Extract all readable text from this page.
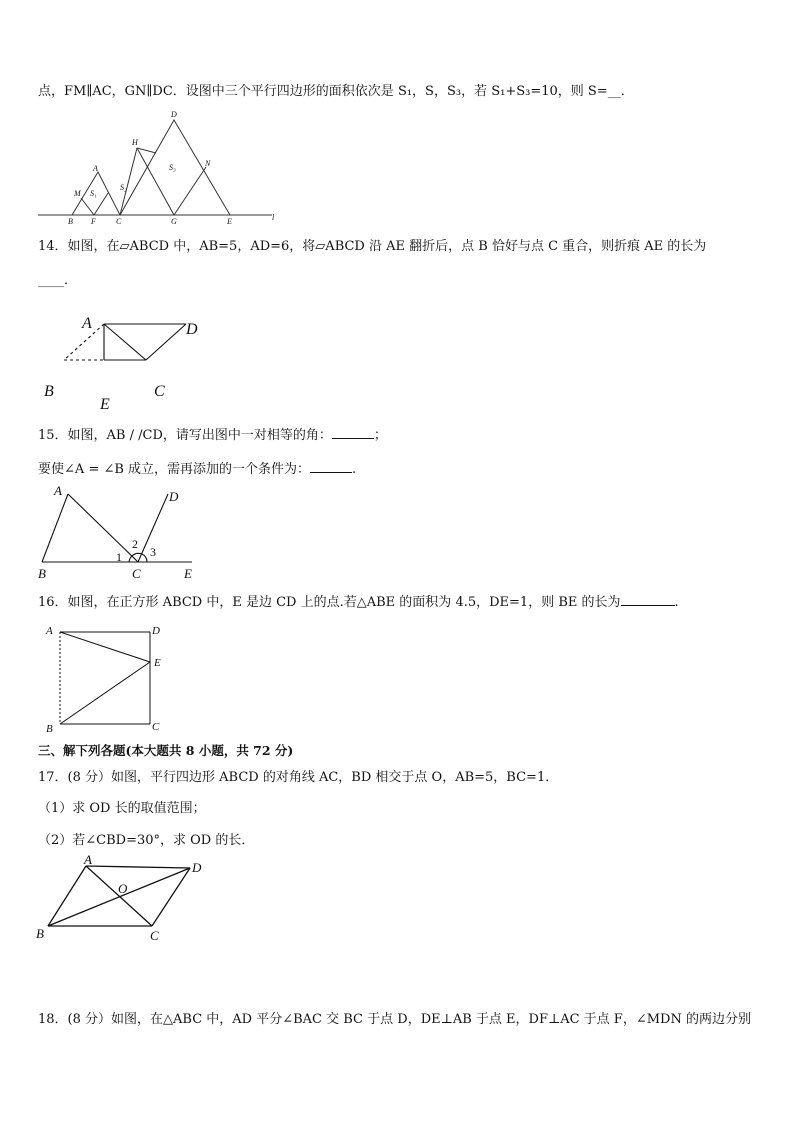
点，FM∥AC，GN∥DC．设图中三个平行四边形的面积依次是 S₁，S，S₃，若 S₁+S₃=10，则 S=__．
D
H
N
A
M
B F	C	G	E	l
S₁
S₂
S₃
14．如图，在▱ABCD 中，AB=5，AD=6，将▱ABCD 沿 AE 翻折后，点 B 恰好与点 C 重合，则折痕 AE 的长为
____．
A	D
B	C
E
15．如图，AB / /CD，请写出图中一对相等的角：	；
要使∠A = ∠B 成立，需再添加的一个条件为：	.
A	D
B	C	E
1
2
3
16．如图，在正方形 ABCD 中，E 是边 CD 上的点.若△ABE 的面积为 4.5，DE=1，则 BE 的长为	.
A	D
E
B	C
三、解下列各题(本大题共 8 小题，共 72 分)
17．(8 分）如图，平行四边形 ABCD 的对角线 AC，BD 相交于点 O，AB=5，BC=1．
（1）求 OD 长的取值范围；
（2）若∠CBD=30°，求 OD 的长．
A
D
O
B	C
18．(8 分）如图，在△ABC 中，AD 平分∠BAC 交 BC 于点 D，DE⊥AB 于点 E，DF⊥AC 于点 F，∠MDN 的两边分别
